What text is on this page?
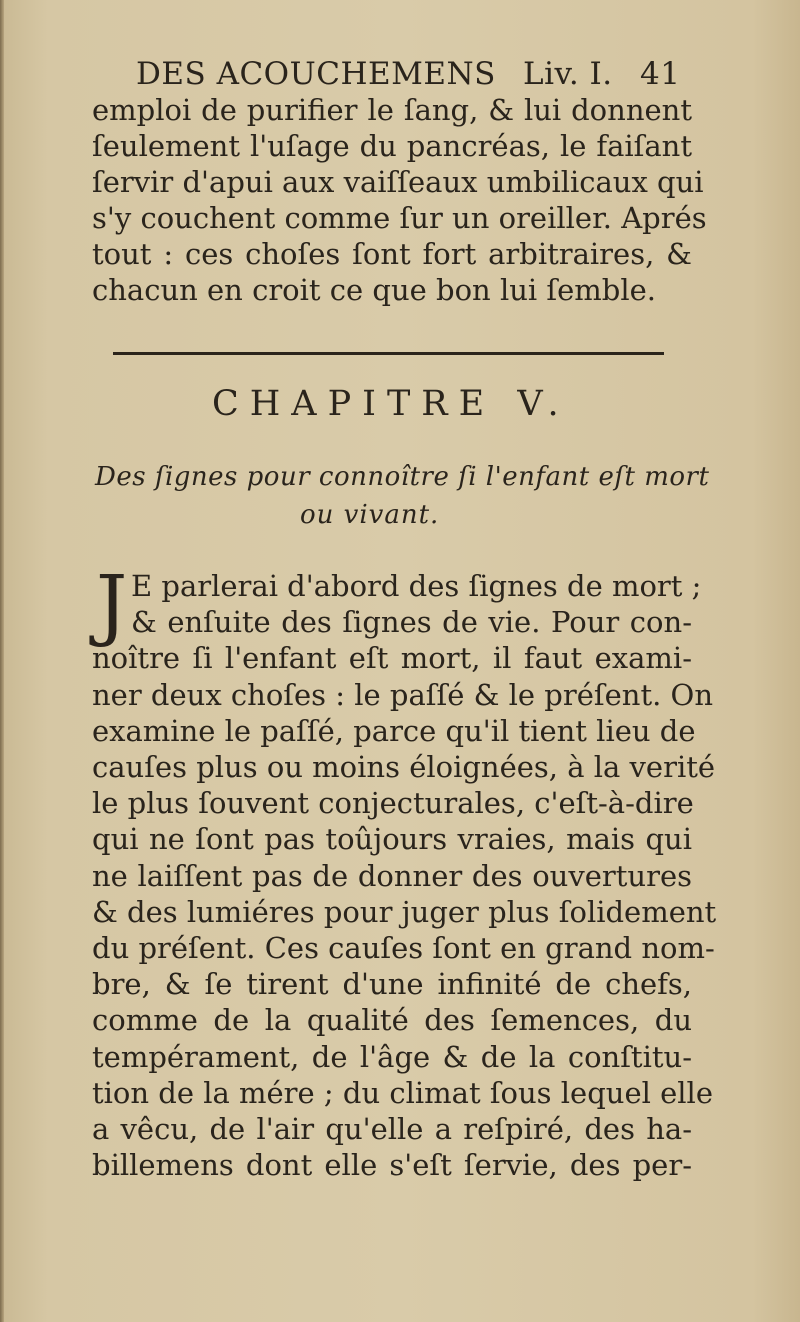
DES ACOUCHEMENS Liv. I. 41
emploi de purifier le ſang, & lui donnent
ſeulement l'uſage du pancréas, le faiſant
ſervir d'apui aux vaiſſeaux umbilicaux qui
s'y couchent comme ſur un oreiller. Aprés
tout : ces choſes ſont fort arbitraires, &
chacun en croit ce que bon lui ſemble.
CHAPITRE V.
Des ſignes pour connoître ſi l'enfant eſt mort
ou vivant.
J E parlerai d'abord des ſignes de mort ;
& enſuite des ſignes de vie. Pour con-
noître ſi l'enfant eſt mort, il faut exami-
ner deux choſes : le paſſé & le préſent. On
examine le paſſé, parce qu'il tient lieu de
cauſes plus ou moins éloignées, à la verité
le plus ſouvent conjecturales, c'eſt-à-dire
qui ne ſont pas toûjours vraies, mais qui
ne laiſſent pas de donner des ouvertures
& des lumiéres pour juger plus ſolidement
du préſent. Ces cauſes ſont en grand nom-
bre, & ſe tirent d'une infinité de chefs,
comme de la qualité des ſemences, du
tempérament, de l'âge & de la conſtitu-
tion de la mére ; du climat ſous lequel elle
a vêcu, de l'air qu'elle a reſpiré, des ha-
billemens dont elle s'eſt ſervie, des per-
